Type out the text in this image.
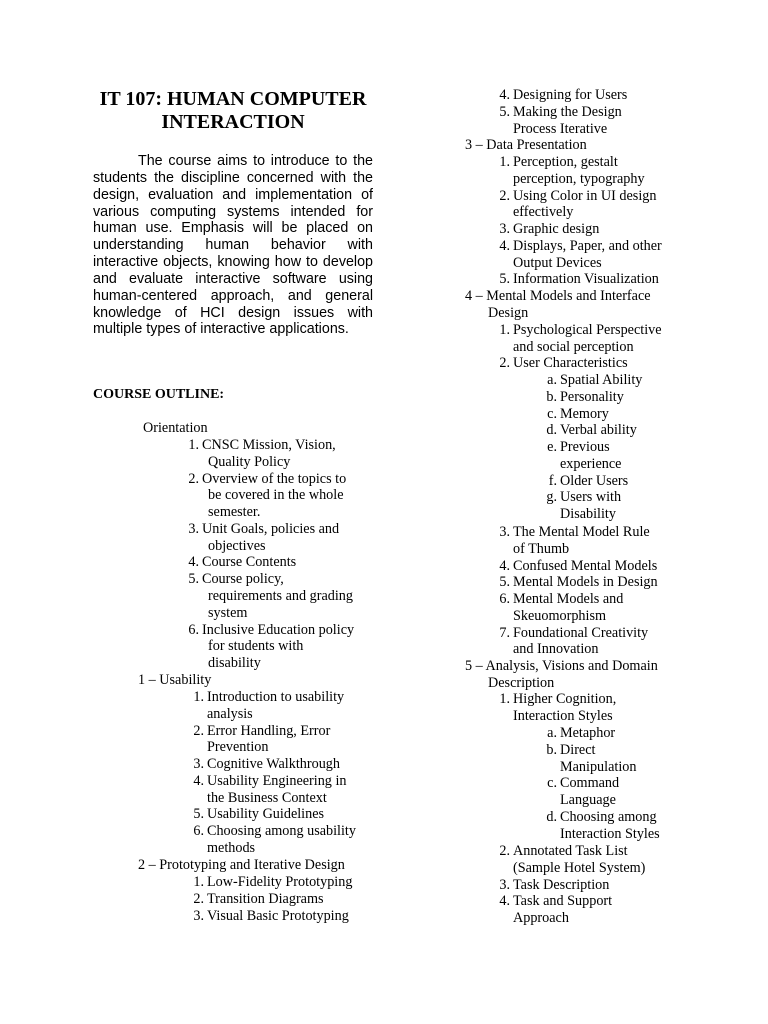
IT 107: HUMAN COMPUTER INTERACTION

The course aims to introduce to the students the discipline concerned with the design, evaluation and implementation of various computing systems intended for human use. Emphasis will be placed on understanding human behavior with interactive objects, knowing how to develop and evaluate interactive software using human-centered approach, and general knowledge of HCI design issues with multiple types of interactive applications.

COURSE OUTLINE:
Orientation
1. CNSC Mission, Vision,
Quality Policy
2. Overview of the topics to
be covered in the whole
semester.
3. Unit Goals, policies and
objectives
4. Course Contents
5. Course policy,
requirements and grading
system
6. Inclusive Education policy
for students with
disability
1 – Usability
1. Introduction to usability
analysis
2. Error Handling, Error
Prevention
3. Cognitive Walkthrough
4. Usability Engineering in
the Business Context
5. Usability Guidelines
6. Choosing among usability
methods
2 – Prototyping and Iterative Design
1. Low-Fidelity Prototyping
2. Transition Diagrams
3. Visual Basic Prototyping
4. Designing for Users
5. Making the Design
Process Iterative
3 – Data Presentation
1. Perception, gestalt
perception, typography
2. Using Color in UI design
effectively
3. Graphic design
4. Displays, Paper, and other
Output Devices
5. Information Visualization
4 – Mental Models and Interface
Design
1. Psychological Perspective
and social perception
2. User Characteristics
a. Spatial Ability
b. Personality
c. Memory
d. Verbal ability
e. Previous
experience
f. Older Users
g. Users with
Disability
3. The Mental Model Rule
of Thumb
4. Confused Mental Models
5. Mental Models in Design
6. Mental Models and
Skeuomorphism
7. Foundational Creativity
and Innovation
5 – Analysis, Visions and Domain
Description
1. Higher Cognition,
Interaction Styles
a. Metaphor
b. Direct
Manipulation
c. Command
Language
d. Choosing among
Interaction Styles
2. Annotated Task List
(Sample Hotel System)
3. Task Description
4. Task and Support
Approach
